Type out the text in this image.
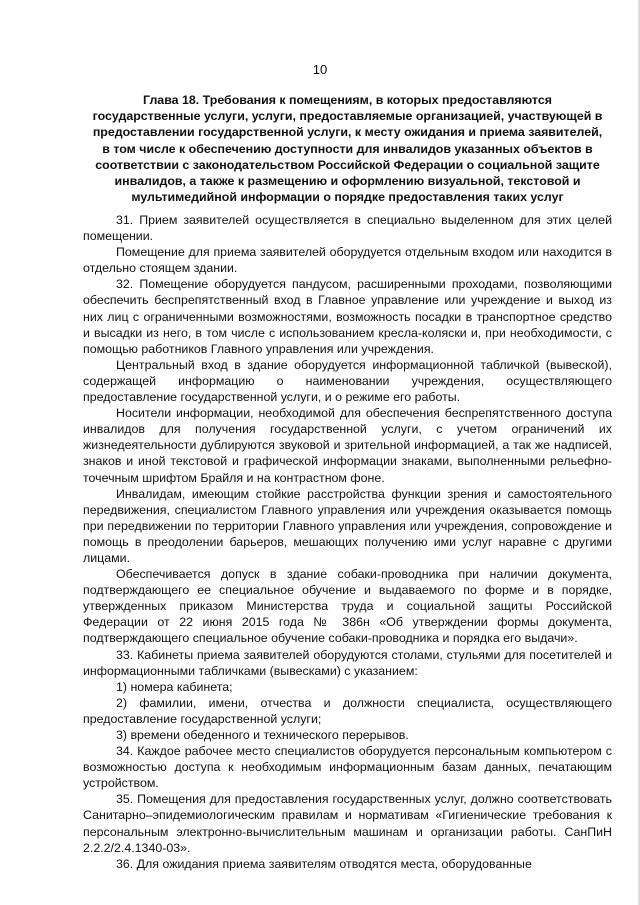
10
Глава 18. Требования к помещениям, в которых предоставляются
государственные услуги, услуги, предоставляемые организацией, участвующей в
предоставлении государственной услуги, к месту ожидания и приема заявителей,
в том числе к обеспечению доступности для инвалидов указанных объектов в
соответствии с законодательством Российской Федерации о социальной защите
инвалидов, а также к размещению и оформлению визуальной, текстовой и
мультимедийной информации о порядке предоставления таких услуг

31. Прием заявителей осуществляется в специально выделенном для этих целей помещении.

Помещение для приема заявителей оборудуется отдельным входом или находится в отдельно стоящем здании.

32. Помещение оборудуется пандусом, расширенными проходами, позволяющими обеспечить беспрепятственный вход в Главное управление или учреждение и выход из них лиц с ограниченными возможностями, возможность посадки в транспортное средство и высадки из него, в том числе с использованием кресла-коляски и, при необходимости, с помощью работников Главного управления или учреждения.

Центральный вход в здание оборудуется информационной табличкой (вывеской), содержащей информацию о наименовании учреждения, осуществляющего предоставление государственной услуги, и о режиме его работы.

Носители информации, необходимой для обеспечения беспрепятственного доступа инвалидов для получения государственной услуги, с учетом ограничений их жизнедеятельности дублируются звуковой и зрительной информацией, а так же надписей, знаков и иной текстовой и графической информации знаками, выполненными рельефно-точечным шрифтом Брайля и на контрастном фоне.

Инвалидам, имеющим стойкие расстройства функции зрения и самостоятельного передвижения, специалистом Главного управления или учреждения оказывается помощь при передвижении по территории Главного управления или учреждения, сопровождение и помощь в преодолении барьеров, мешающих получению ими услуг наравне с другими лицами.

Обеспечивается допуск в здание собаки-проводника при наличии документа, подтверждающего ее специальное обучение и выдаваемого по форме и в порядке, утвержденных приказом Министерства труда и социальной защиты Российской Федерации от 22 июня 2015 года № 386н «Об утверждении формы документа, подтверждающего специальное обучение собаки-проводника и порядка его выдачи».

33. Кабинеты приема заявителей оборудуются столами, стульями для посетителей и информационными табличками (вывесками) с указанием:

1) номера кабинета;

2) фамилии, имени, отчества и должности специалиста, осуществляющего предоставление государственной услуги;

3) времени обеденного и технического перерывов.

34. Каждое рабочее место специалистов оборудуется персональным компьютером с возможностью доступа к необходимым информационным базам данных, печатающим устройством.

35. Помещения для предоставления государственных услуг, должно соответствовать Санитарно–эпидемиологическим правилам и нормативам «Гигиенические требования к персональным электронно-вычислительным машинам и организации работы. СанПиН 2.2.2/2.4.1340-03».

36. Для ожидания приема заявителям отводятся места, оборудованные
